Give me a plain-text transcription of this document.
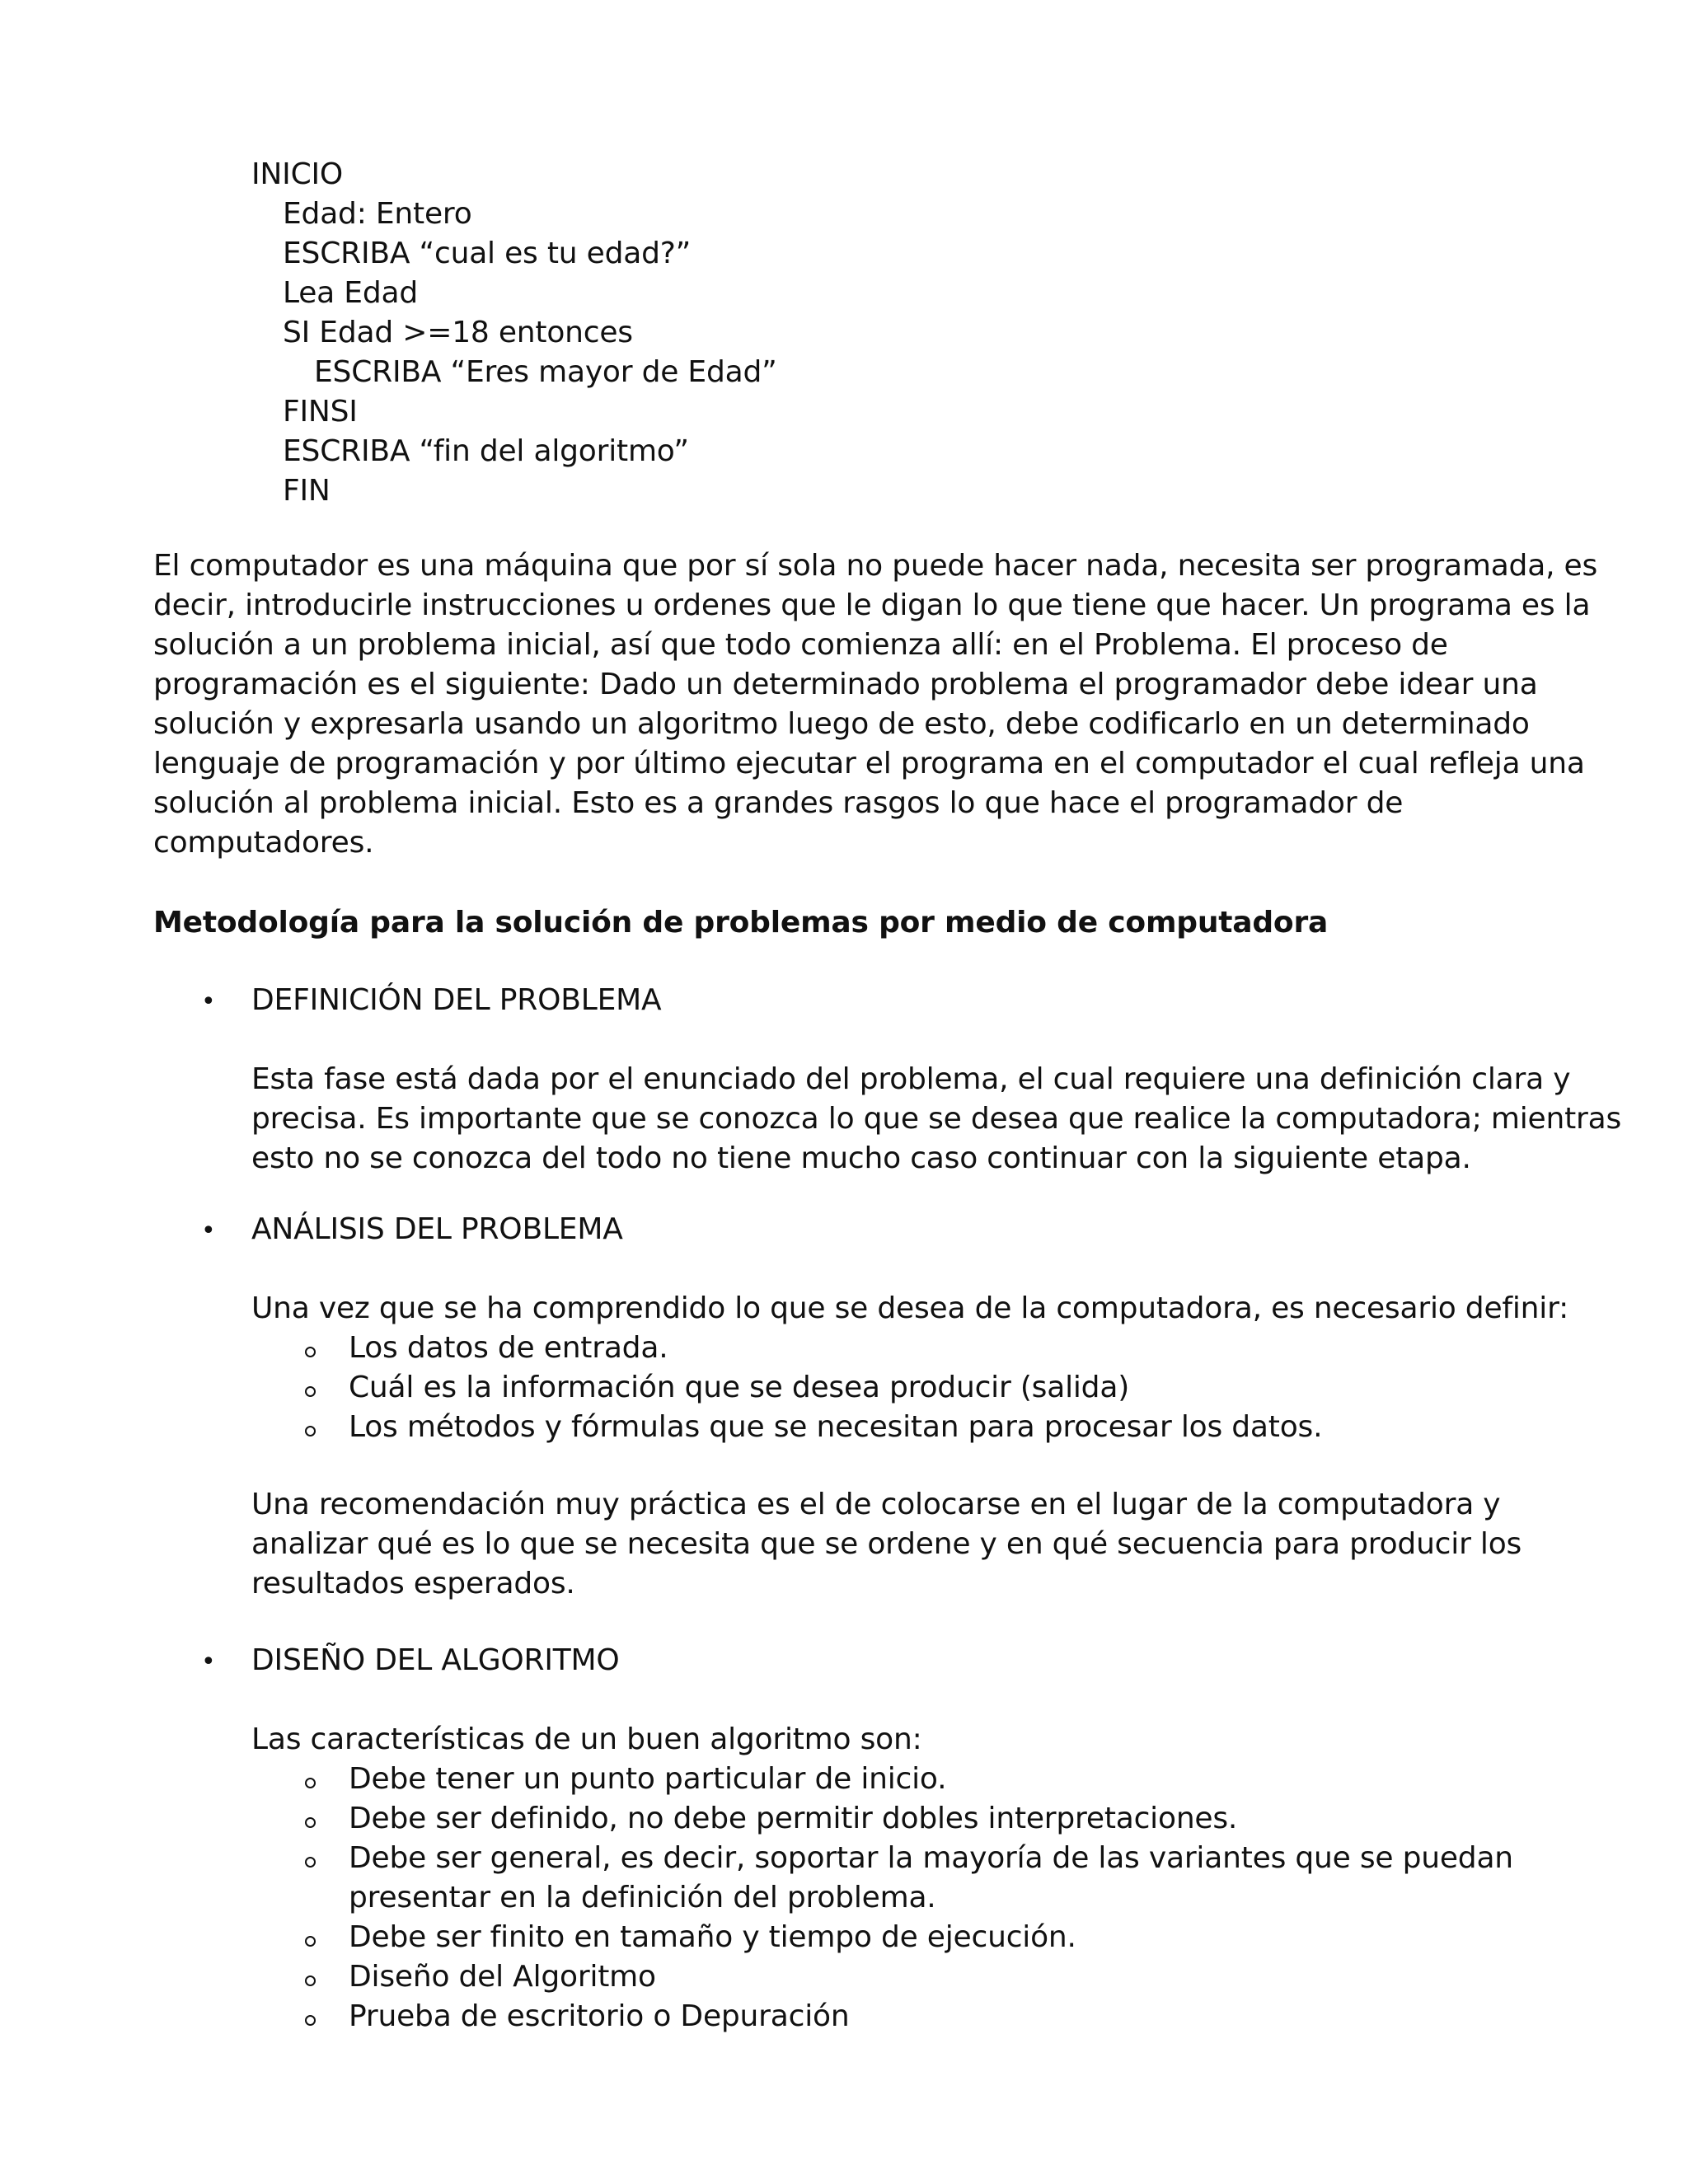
INICIO

Edad: Entero

ESCRIBA “cual es tu edad?”

Lea Edad

SI Edad >=18 entonces

ESCRIBA “Eres mayor de Edad”

FINSI

ESCRIBA “fin del algoritmo”

FIN

El computador es una máquina que por sí sola no puede hacer nada, necesita ser programada, es
decir, introducirle instrucciones u ordenes que le digan lo que tiene que hacer. Un programa es la
solución a un problema inicial, así que todo comienza allí: en el Problema. El proceso de
programación es el siguiente: Dado un determinado problema el programador debe idear una
solución y expresarla usando un algoritmo luego de esto, debe codificarlo en un determinado
lenguaje de programación y por último ejecutar el programa en el computador el cual refleja una
solución al problema inicial. Esto es a grandes rasgos lo que hace el programador de
computadores.
Metodología para la solución de problemas por medio de computadora
• DEFINICIÓN DEL PROBLEMA

Esta fase está dada por el enunciado del problema, el cual requiere una definición clara y
precisa. Es importante que se conozca lo que se desea que realice la computadora; mientras
esto no se conozca del todo no tiene mucho caso continuar con la siguiente etapa.
• ANÁLISIS DEL PROBLEMA

Una vez que se ha comprendido lo que se desea de la computadora, es necesario definir:

Los datos de entrada.

Cuál es la información que se desea producir (salida)

Los métodos y fórmulas que se necesitan para procesar los datos.

Una recomendación muy práctica es el de colocarse en el lugar de la computadora y
analizar qué es lo que se necesita que se ordene y en qué secuencia para producir los
resultados esperados.
• DISEÑO DEL ALGORITMO

Las características de un buen algoritmo son:

Debe tener un punto particular de inicio.

Debe ser definido, no debe permitir dobles interpretaciones.

Debe ser general, es decir, soportar la mayoría de las variantes que se puedan

presentar en la definición del problema.

Debe ser finito en tamaño y tiempo de ejecución.

Diseño del Algoritmo

Prueba de escritorio o Depuración
